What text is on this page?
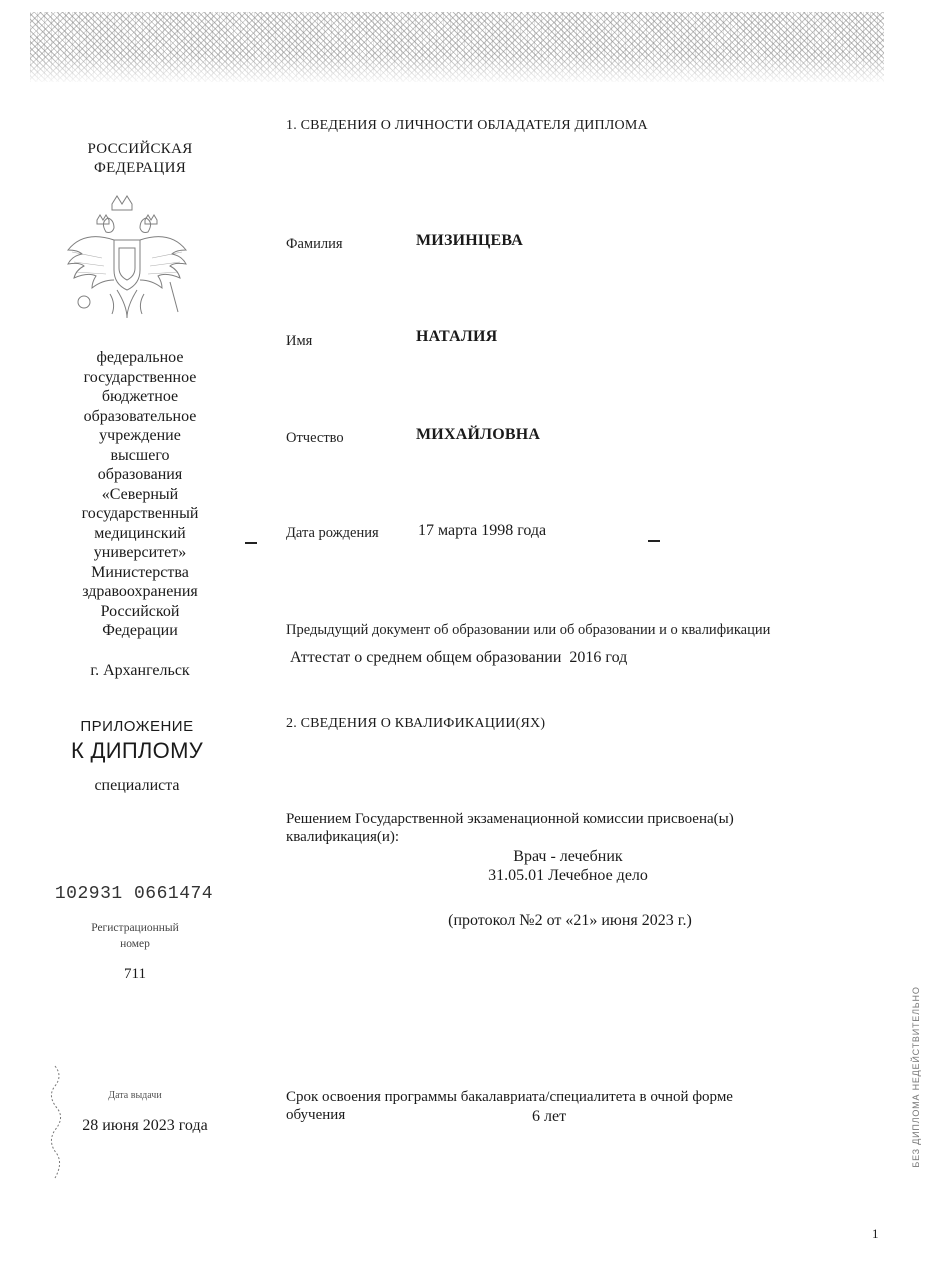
РОССИЙСКАЯ
ФЕДЕРАЦИЯ
федеральное
государственное
бюджетное
образовательное
учреждение
высшего
образования
«Северный
государственный
медицинский
университет»
Министерства
здравоохранения
Российской
Федерации
г. Архангельск
ПРИЛОЖЕНИЕ
К ДИПЛОМУ
специалиста
102931 0661474
Регистрационный
номер
711
Дата выдачи
28 июня 2023 года
1. СВЕДЕНИЯ О ЛИЧНОСТИ ОБЛАДАТЕЛЯ ДИПЛОМА
Фамилия	МИЗИНЦЕВА
Имя	НАТАЛИЯ
Отчество	МИХАЙЛОВНА
Дата рождения 17 марта 1998 года
Предыдущий документ об образовании или об образовании и о квалификации
Аттестат о среднем общем образовании  2016 год
2. СВЕДЕНИЯ О КВАЛИФИКАЦИИ(ЯХ)
Решением Государственной экзаменационной комиссии присвоена(ы)
квалификация(и):
Врач - лечебник
31.05.01 Лечебное дело
(протокол №2 от «21» июня 2023 г.)
Срок освоения программы бакалавриата/специалитета в очной форме
обучения	6 лет	БЕЗ ДИПЛОМА НЕДЕЙСТВИТЕЛЬНО
1
